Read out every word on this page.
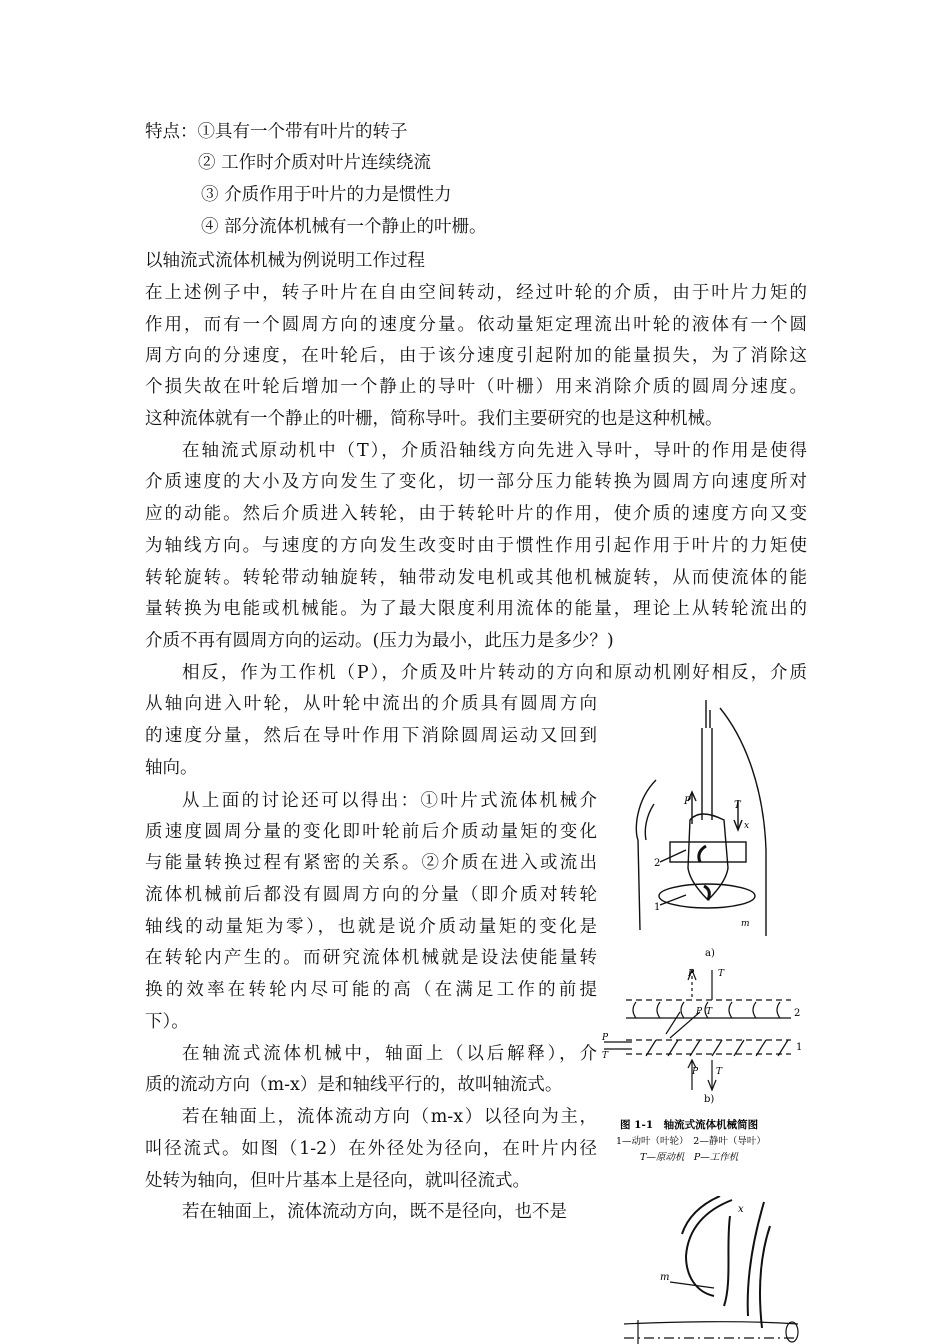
特点：①具有一个带有叶片的转子
② 工作时介质对叶片连续绕流
③ 介质作用于叶片的力是惯性力
④ 部分流体机械有一个静止的叶栅。
以轴流式流体机械为例说明工作过程
在上述例子中，转子叶片在自由空间转动，经过叶轮的介质，由于叶片力矩的
作用，而有一个圆周方向的速度分量。依动量矩定理流出叶轮的液体有一个圆
周方向的分速度，在叶轮后，由于该分速度引起附加的能量损失，为了消除这
个损失故在叶轮后增加一个静止的导叶（叶栅）用来消除介质的圆周分速度。
这种流体就有一个静止的叶栅，简称导叶。我们主要研究的也是这种机械。
在轴流式原动机中（T），介质沿轴线方向先进入导叶，导叶的作用是使得
介质速度的大小及方向发生了变化，切一部分压力能转换为圆周方向速度所对
应的动能。然后介质进入转轮，由于转轮叶片的作用，使介质的速度方向又变
为轴线方向。与速度的方向发生改变时由于惯性作用引起作用于叶片的力矩使
转轮旋转。转轮带动轴旋转，轴带动发电机或其他机械旋转，从而使流体的能
量转换为电能或机械能。为了最大限度利用流体的能量，理论上从转轮流出的
介质不再有圆周方向的运动。(压力为最小，此压力是多少？)
相反，作为工作机（P），介质及叶片转动的方向和原动机刚好相反，介质
从轴向进入叶轮，从叶轮中流出的介质具有圆周方向
的速度分量，然后在导叶作用下消除圆周运动又回到
轴向。
从上面的讨论还可以得出：①叶片式流体机械介
质速度圆周分量的变化即叶轮前后介质动量矩的变化
与能量转换过程有紧密的关系。②介质在进入或流出
流体机械前后都没有圆周方向的分量（即介质对转轮
轴线的动量矩为零），也就是说介质动量矩的变化是
在转轮内产生的。而研究流体机械就是设法使能量转
换的效率在转轮内尽可能的高（在满足工作的前提
下）。
在轴流式流体机械中，轴面上（以后解释），介
质的流动方向（m-x）是和轴线平行的，故叫轴流式。
若在轴面上，流体流动方向（m-x）以径向为主，
叫径流式。如图（1-2）在外径处为径向，在叶片内径
处转为轴向，但叶片基本上是径向，就叫径流式。
若在轴面上，流体流动方向，既不是径向，也不是
P	T
x
m
2
1
a)
P	T
P T	2
1
P
T
P T
b)
图 1-1　轴流式流体机械简图
1—动叶（叶轮）　2—静叶（导叶）
T—原动机　P—工作机
x
m
